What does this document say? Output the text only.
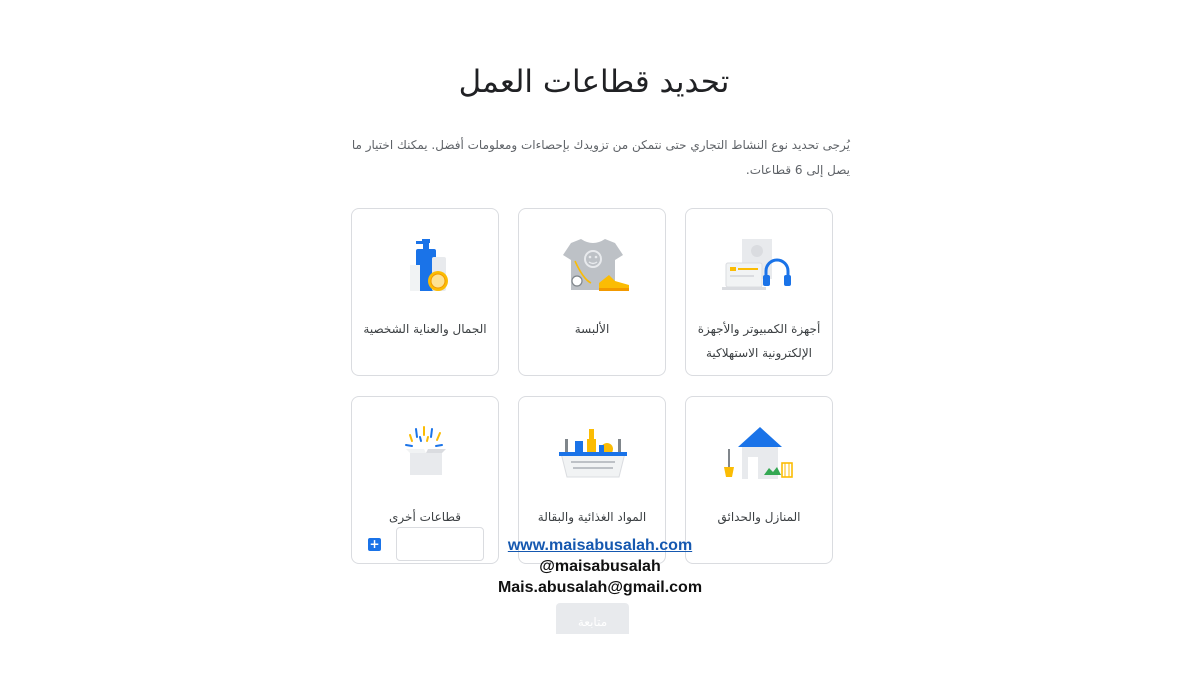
تحديد قطاعات العمل

يُرجى تحديد نوع النشاط التجاري حتى نتمكن من تزويدك بإحصاءات ومعلومات أفضل. يمكنك اختيار ما يصل إلى 6 قطاعات.

أجهزة الكمبيوتر والأجهزة الإلكترونية الاستهلاكية
الألبسة
الجمال والعناية الشخصية
المنازل والحدائق
المواد الغذائية والبقالة
قطاعات أخرى
+	www.maisabusalah.com
@maisabusalah
Mais.abusalah@gmail.com
متابعة
